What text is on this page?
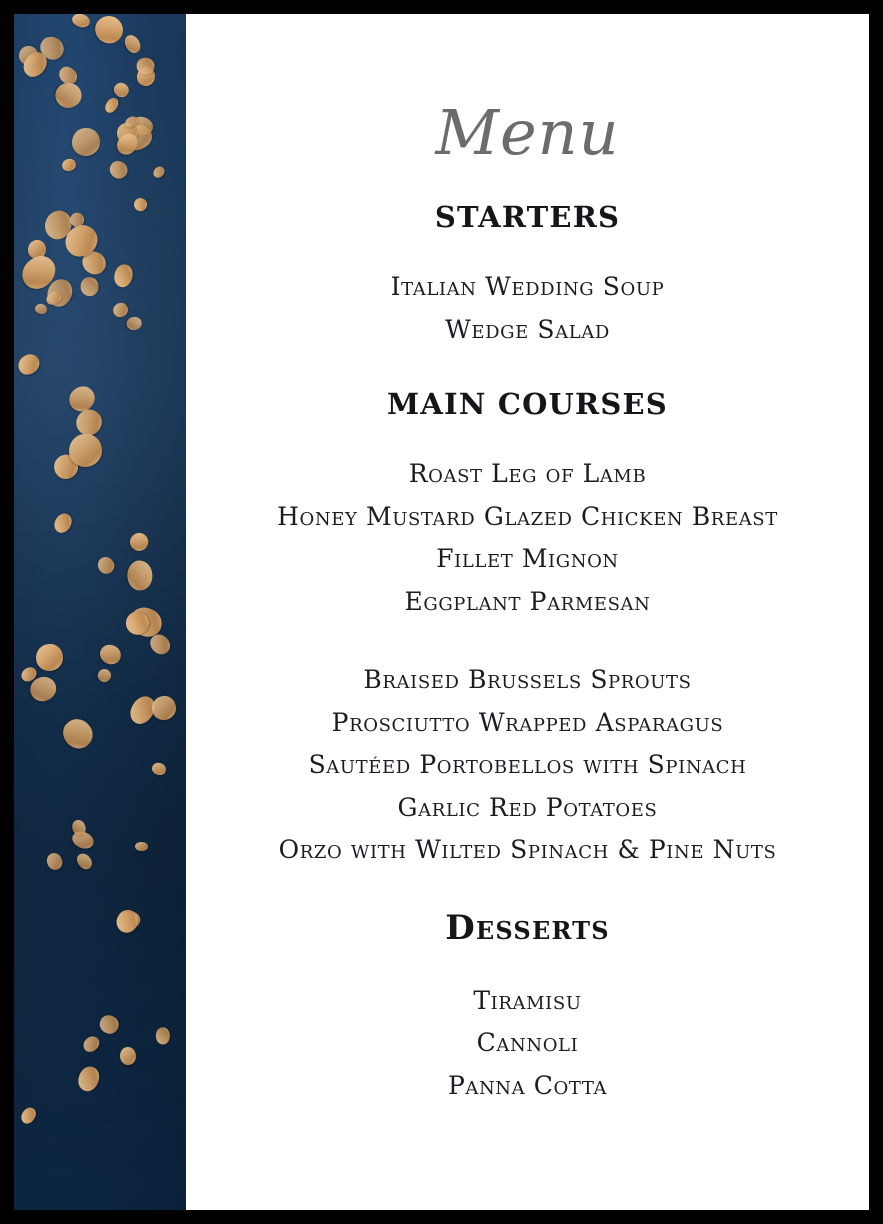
Menu
STARTERS
Italian Wedding Soup
Wedge Salad
MAIN COURSES
Roast Leg of Lamb
Honey Mustard Glazed Chicken Breast
Fillet Mignon
Eggplant Parmesan
Braised Brussels Sprouts
Prosciutto Wrapped Asparagus
Sautéed Portobellos with Spinach
Garlic Red Potatoes
Orzo with Wilted Spinach & Pine Nuts
Desserts
Tiramisu
Cannoli
Panna Cotta
